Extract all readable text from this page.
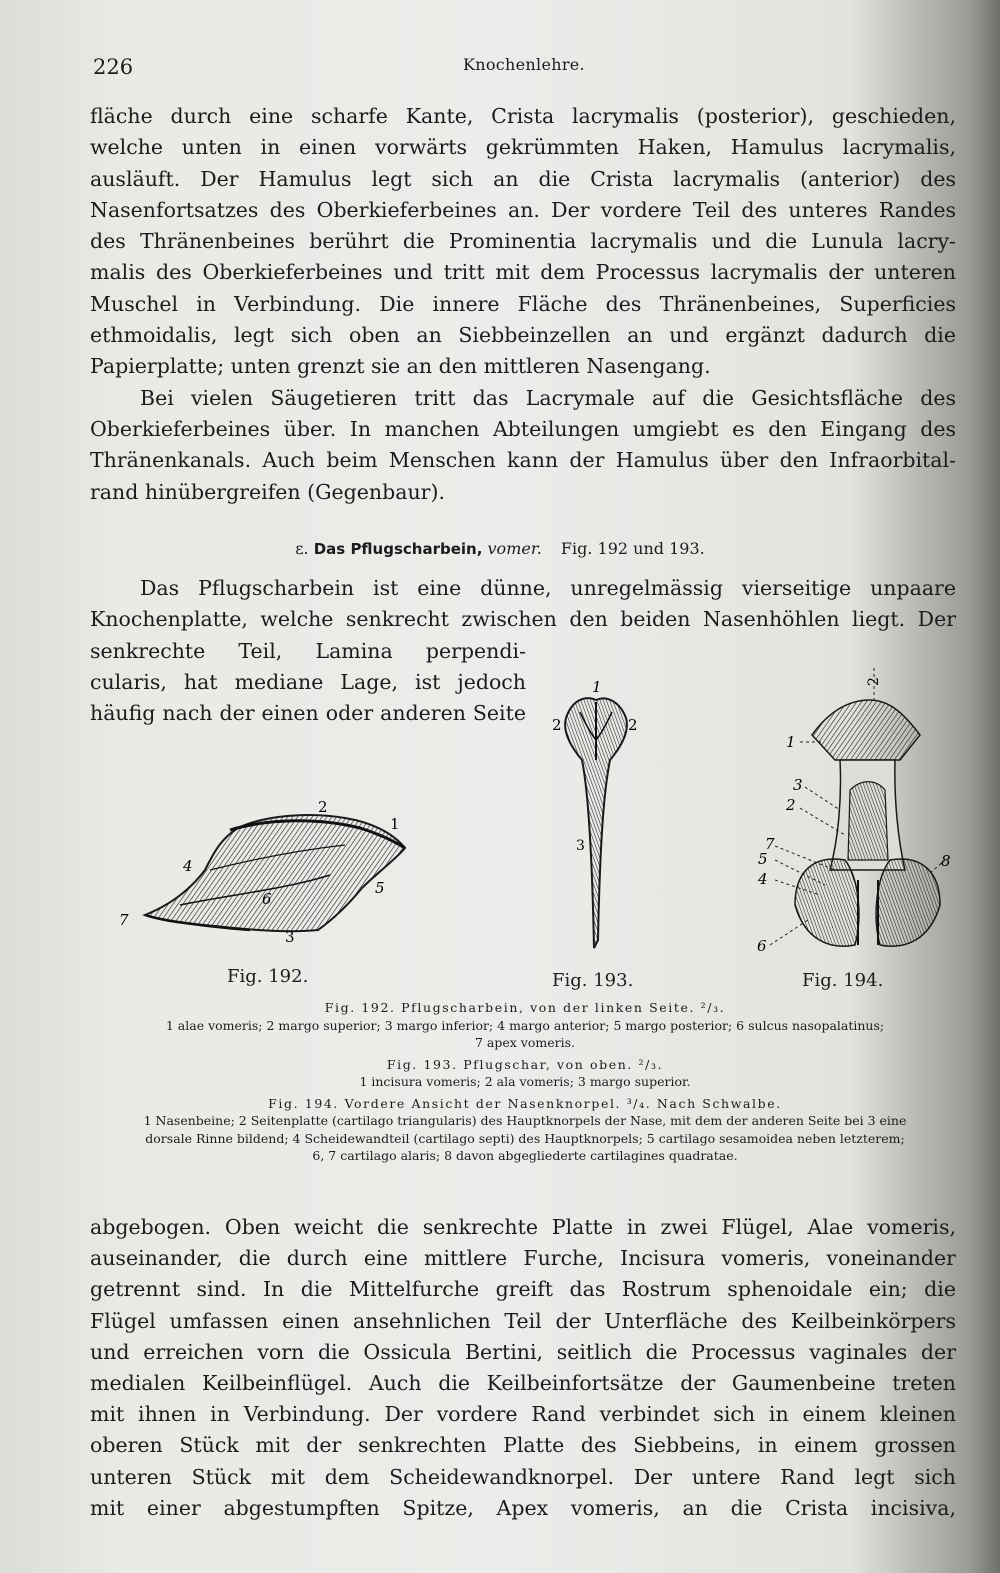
226	Knochenlehre.
fläche durch eine scharfe Kante, Crista lacrymalis (posterior), geschieden,
welche unten in einen vorwärts gekrümmten Haken, Hamulus lacrymalis,
ausläuft. Der Hamulus legt sich an die Crista lacrymalis (anterior) des
Nasenfortsatzes des Oberkieferbeines an. Der vordere Teil des unteres Randes
des Thränenbeines berührt die Prominentia lacrymalis und die Lunula lacry-
malis des Oberkieferbeines und tritt mit dem Processus lacrymalis der unteren
Muschel in Verbindung. Die innere Fläche des Thränenbeines, Superficies
ethmoidalis, legt sich oben an Siebbeinzellen an und ergänzt dadurch die
Papierplatte; unten grenzt sie an den mittleren Nasengang.
Bei vielen Säugetieren tritt das Lacrymale auf die Gesichtsfläche des
Oberkieferbeines über. In manchen Abteilungen umgiebt es den Eingang des
Thränenkanals. Auch beim Menschen kann der Hamulus über den Infraorbital-
rand hinübergreifen (Gegenbaur).
ε. Das Pflugscharbein, vomer. Fig. 192 und 193.
Das Pflugscharbein ist eine dünne, unregelmässig vierseitige unpaare
Knochenplatte, welche senkrecht zwischen den beiden Nasenhöhlen liegt. Der
senkrechte Teil, Lamina perpendi-
cularis, hat mediane Lage, ist jedoch
häufig nach der einen oder anderen Seite
2
1
4
5
6
7
3
1
2	2
3
2
1
3
2
7
5
4
8
6
Fig. 192.	Fig. 193.	Fig. 194.
Fig. 192. Pflugscharbein, von der linken Seite. ²/₃.
1 alae vomeris; 2 margo superior; 3 margo inferior; 4 margo anterior; 5 margo posterior; 6 sulcus nasopalatinus;
7 apex vomeris.
Fig. 193. Pflugschar, von oben. ²/₃.
1 incisura vomeris; 2 ala vomeris; 3 margo superior.
Fig. 194. Vordere Ansicht der Nasenknorpel. ³/₄. Nach Schwalbe.
1 Nasenbeine; 2 Seitenplatte (cartilago triangularis) des Hauptknorpels der Nase, mit dem der anderen Seite bei 3 eine
dorsale Rinne bildend; 4 Scheidewandteil (cartilago septi) des Hauptknorpels; 5 cartilago sesamoidea neben letzterem;
6, 7 cartilago alaris; 8 davon abgegliederte cartilagines quadratae.
abgebogen. Oben weicht die senkrechte Platte in zwei Flügel, Alae vomeris,
auseinander, die durch eine mittlere Furche, Incisura vomeris, voneinander
getrennt sind. In die Mittelfurche greift das Rostrum sphenoidale ein; die
Flügel umfassen einen ansehnlichen Teil der Unterfläche des Keilbeinkörpers
und erreichen vorn die Ossicula Bertini, seitlich die Processus vaginales der
medialen Keilbeinflügel. Auch die Keilbeinfortsätze der Gaumenbeine treten
mit ihnen in Verbindung. Der vordere Rand verbindet sich in einem kleinen
oberen Stück mit der senkrechten Platte des Siebbeins, in einem grossen
unteren Stück mit dem Scheidewandknorpel. Der untere Rand legt sich
mit einer abgestumpften Spitze, Apex vomeris, an die Crista incisiva,
